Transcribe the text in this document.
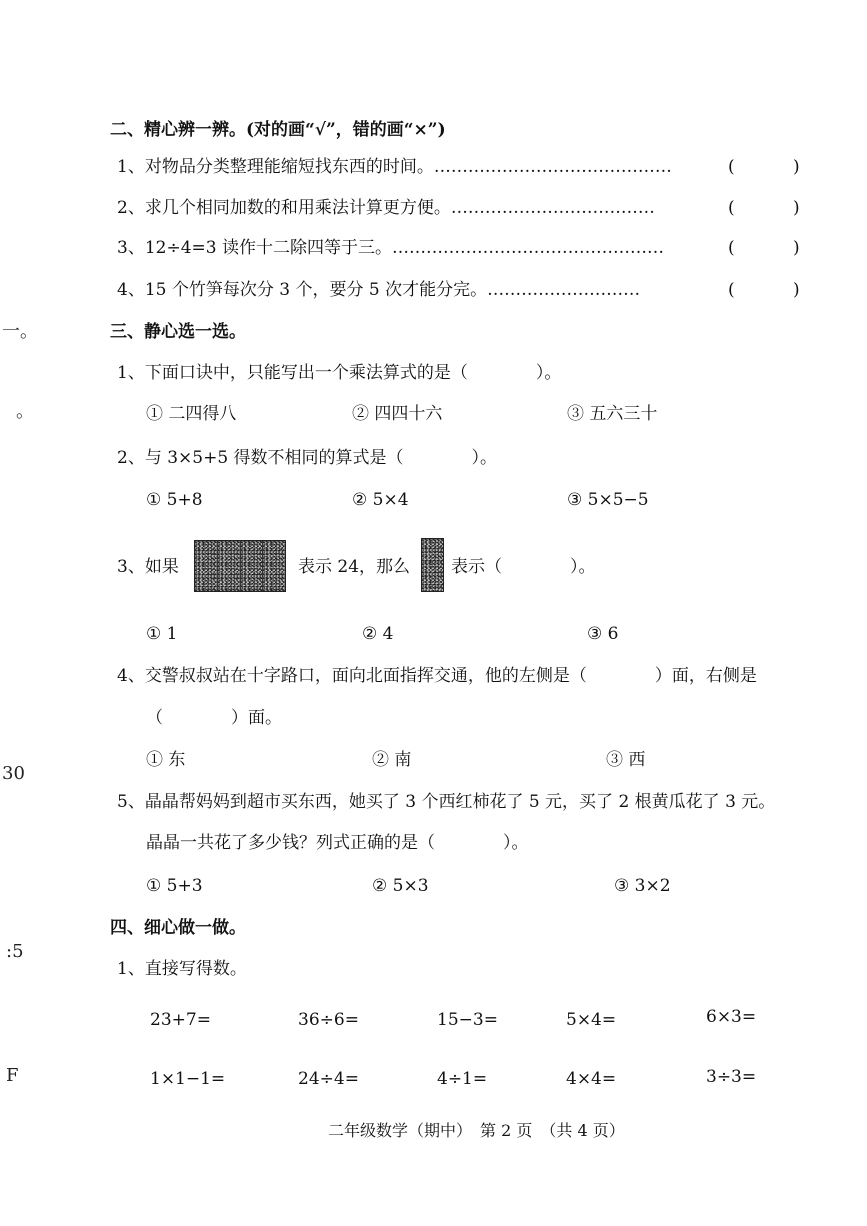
一。
。
30
:5
F
二、精心辨一辨。(对的画“√”，错的画“×”)
1、对物品分类整理能缩短找东西的时间。……………………………………	(	)
2、求几个相同加数的和用乘法计算更方便。………………………………	(	)
3、12÷4=3 读作十二除四等于三。…………………………………………	(	)
4、15 个竹笋每次分 3 个，要分 5 次才能分完。………………………	(	)
三、静心选一选。
1、下面口诀中，只能写出一个乘法算式的是（　　　　）。
① 二四得八	② 四四十六	③ 五六三十
2、与 3×5+5 得数不相同的算式是（　　　　）。
① 5+8	② 5×4	③ 5×5−5
3、如果	表示 24，那么 表示（　　　　）。
① 1	② 4	③ 6
4、交警叔叔站在十字路口，面向北面指挥交通，他的左侧是（　　　　）面，右侧是
（　　　　）面。
① 东	② 南	③ 西
5、晶晶帮妈妈到超市买东西，她买了 3 个西红柿花了 5 元，买了 2 根黄瓜花了 3 元。
晶晶一共花了多少钱？列式正确的是（　　　　）。
① 5+3	② 5×3	③ 3×2
四、细心做一做。
1、直接写得数。
23+7=	36÷6=	15−3=	5×4=	6×3=
1×1−1=	24÷4=	4÷1=	4×4=	3÷3=
二年级数学（期中）　第 2 页　（共 4 页）
